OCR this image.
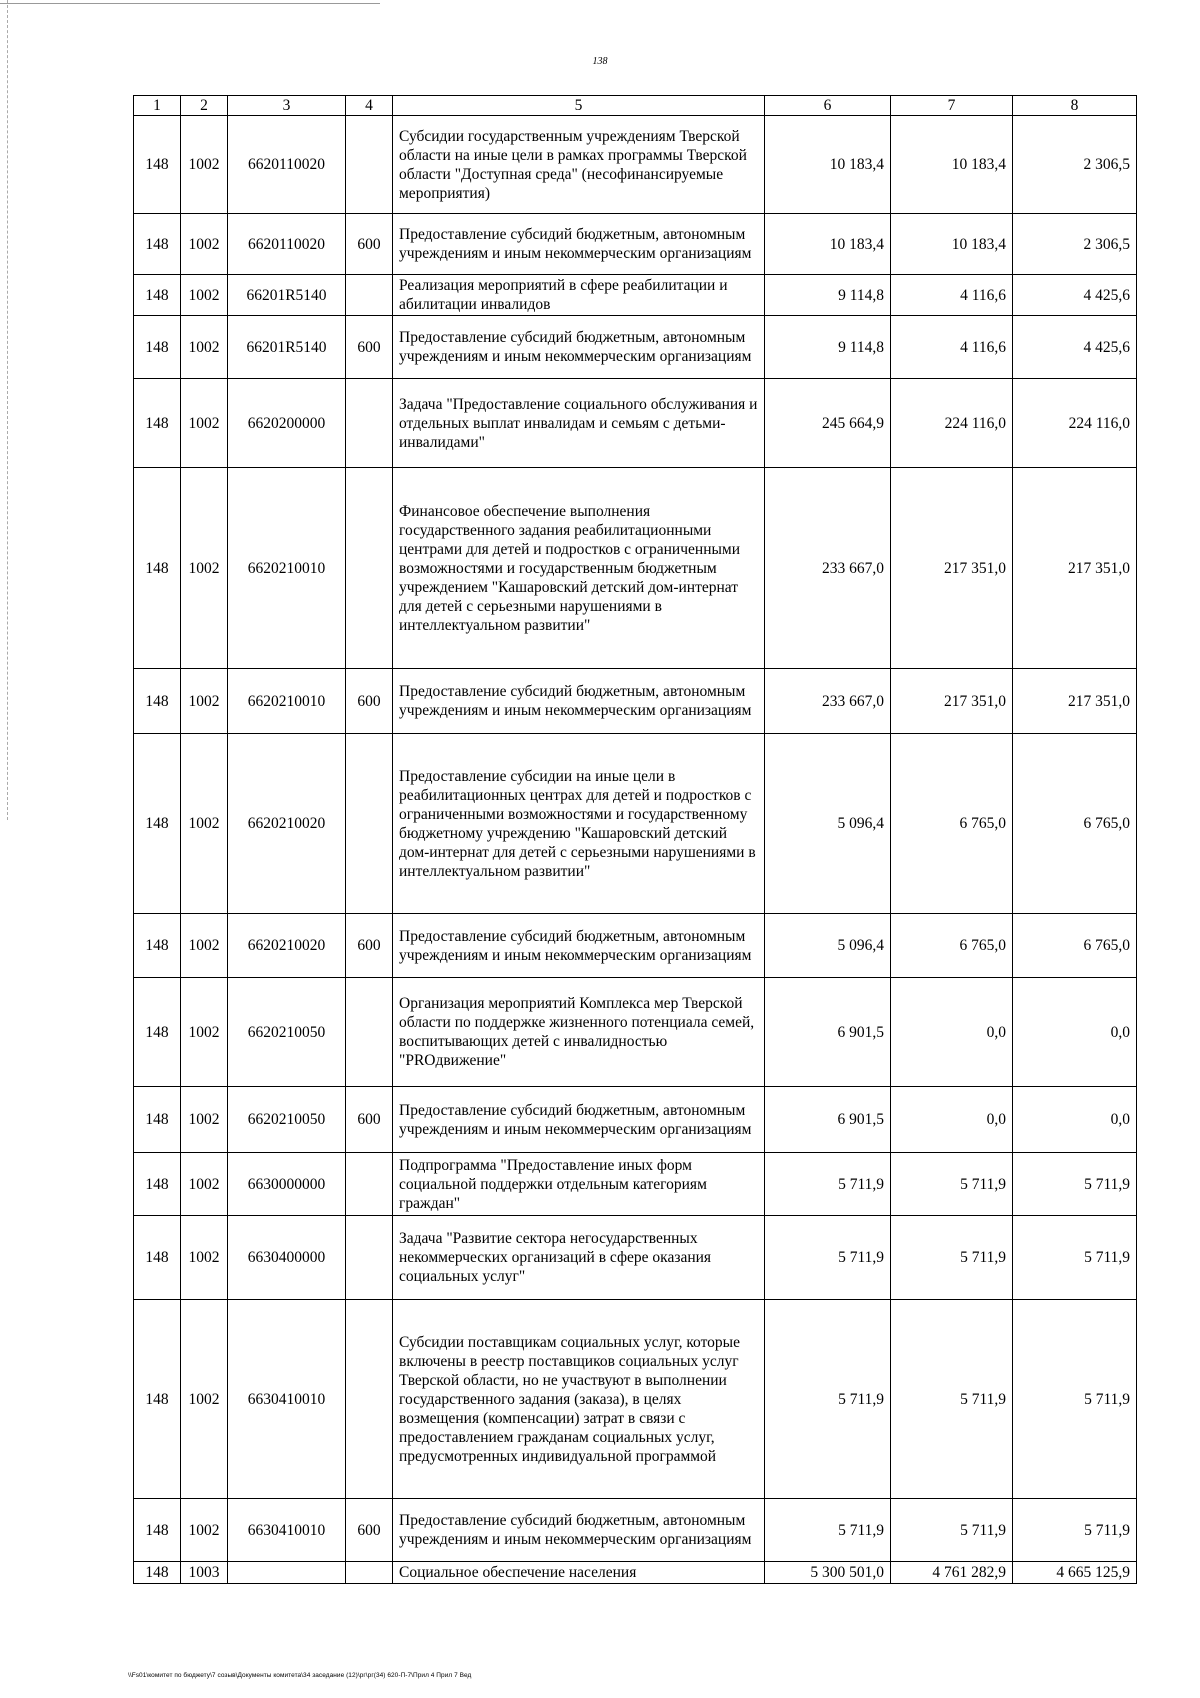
138
1	2	3	4	5	6	7	8
148	1002	6620110020		Субсидии государственным учреждениям Тверской области на иные цели в рамках программы Тверской области "Доступная среда" (несофинансируемые мероприятия)	10 183,4	10 183,4	2 306,5
148	1002	6620110020	600	Предоставление субсидий бюджетным, автономным учреждениям и иным некоммерческим организациям	10 183,4	10 183,4	2 306,5
148	1002	66201R5140		Реализация мероприятий в сфере реабилитации и абилитации инвалидов	9 114,8	4 116,6	4 425,6
148	1002	66201R5140	600	Предоставление субсидий бюджетным, автономным учреждениям и иным некоммерческим организациям	9 114,8	4 116,6	4 425,6
148	1002	6620200000		Задача "Предоставление социального обслуживания и отдельных выплат инвалидам и семьям с детьми-инвалидами"	245 664,9	224 116,0	224 116,0
148	1002	6620210010		Финансовое обеспечение выполнения государственного задания реабилитационными центрами для детей и подростков с ограниченными возможностями и государственным бюджетным учреждением "Кашаровский детский дом-интернат для детей с серьезными нарушениями в интеллектуальном развитии"	233 667,0	217 351,0	217 351,0
148	1002	6620210010	600	Предоставление субсидий бюджетным, автономным учреждениям и иным некоммерческим организациям	233 667,0	217 351,0	217 351,0
148	1002	6620210020		Предоставление субсидии на иные цели в реабилитационных центрах для детей и подростков с ограниченными возможностями и государственному бюджетному учреждению "Кашаровский детский дом-интернат для детей с серьезными нарушениями в интеллектуальном развитии"	5 096,4	6 765,0	6 765,0
148	1002	6620210020	600	Предоставление субсидий бюджетным, автономным учреждениям и иным некоммерческим организациям	5 096,4	6 765,0	6 765,0
148	1002	6620210050		Организация мероприятий Комплекса мер Тверской области по поддержке жизненного потенциала семей, воспитывающих детей с инвалидностью "PROдвижение"	6 901,5	0,0	0,0
148	1002	6620210050	600	Предоставление субсидий бюджетным, автономным учреждениям и иным некоммерческим организациям	6 901,5	0,0	0,0
148	1002	6630000000		Подпрограмма "Предоставление иных форм социальной поддержки отдельным категориям граждан"	5 711,9	5 711,9	5 711,9
148	1002	6630400000		Задача "Развитие сектора негосударственных некоммерческих организаций в сфере оказания социальных услуг"	5 711,9	5 711,9	5 711,9
148	1002	6630410010		Субсидии поставщикам социальных услуг, которые включены в реестр поставщиков социальных услуг Тверской области, но не участвуют в выполнении государственного задания (заказа), в целях возмещения (компенсации) затрат в связи с предоставлением гражданам социальных услуг, предусмотренных индивидуальной программой	5 711,9	5 711,9	5 711,9
148	1002	6630410010	600	Предоставление субсидий бюджетным, автономным учреждениям и иным некоммерческим организациям	5 711,9	5 711,9	5 711,9
148	1003			Социальное обеспечение населения	5 300 501,0	4 761 282,9	4 665 125,9
\\Fs01\комитет по бюджету\7 созыв\Документы комитета\34 заседание (12)\рг\рг(34) 620-П-7\Прил 4 Прил 7 Вед
